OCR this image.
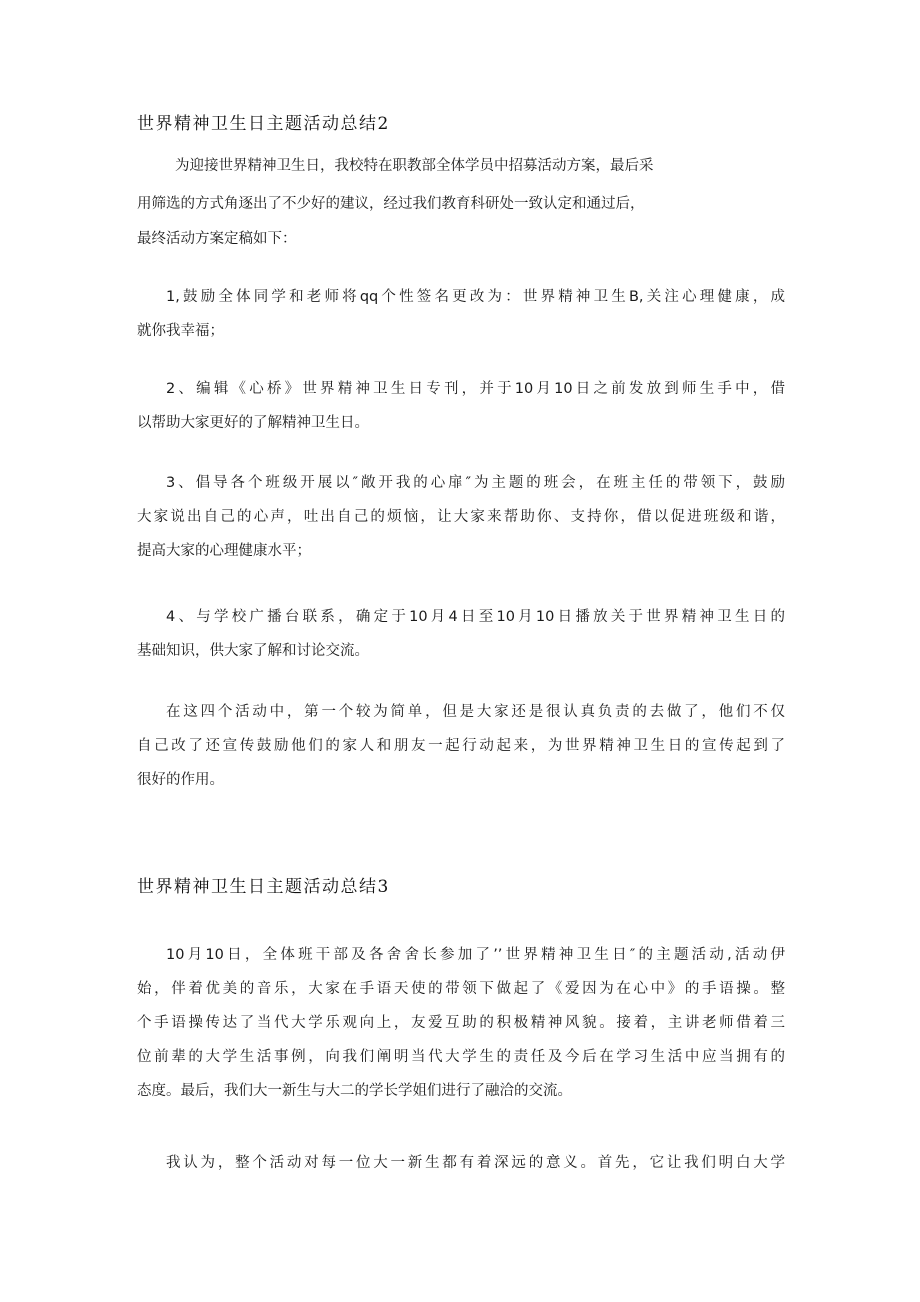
世界精神卫生日主题活动总结2

为迎接世界精神卫生日，我校特在职教部全体学员中招募活动方案，最后采

用筛选的方式角逐出了不少好的建议，经过我们教育科研处一致认定和通过后，

最终活动方案定稿如下：

1,鼓励全体同学和老师将qq个性签名更改为：世界精神卫生B,关注心理健康，成

就你我幸福；

2、编辑《心桥》世界精神卫生日专刊，并于10月10日之前发放到师生手中，借

以帮助大家更好的了解精神卫生日。

3、倡导各个班级开展以″敞开我的心扉″为主题的班会，在班主任的带领下，鼓励

大家说出自己的心声，吐出自己的烦恼，让大家来帮助你、支持你，借以促进班级和谐，

提高大家的心理健康水平；

4、与学校广播台联系，确定于10月4日至10月10日播放关于世界精神卫生日的

基础知识，供大家了解和讨论交流。

在这四个活动中，第一个较为简单，但是大家还是很认真负责的去做了，他们不仅

自己改了还宣传鼓励他们的家人和朋友一起行动起来，为世界精神卫生日的宣传起到了

很好的作用。

世界精神卫生日主题活动总结3

10月10日，全体班干部及各舍舍长参加了’’世界精神卫生日″的主题活动,活动伊

始，伴着优美的音乐，大家在手语天使的带领下做起了《爱因为在心中》的手语操。整

个手语操传达了当代大学乐观向上，友爱互助的积极精神风貌。接着，主讲老师借着三

位前辈的大学生活事例，向我们阐明当代大学生的责任及今后在学习生活中应当拥有的

态度。最后，我们大一新生与大二的学长学姐们进行了融洽的交流。

我认为，整个活动对每一位大一新生都有着深远的意义。首先，它让我们明白大学
